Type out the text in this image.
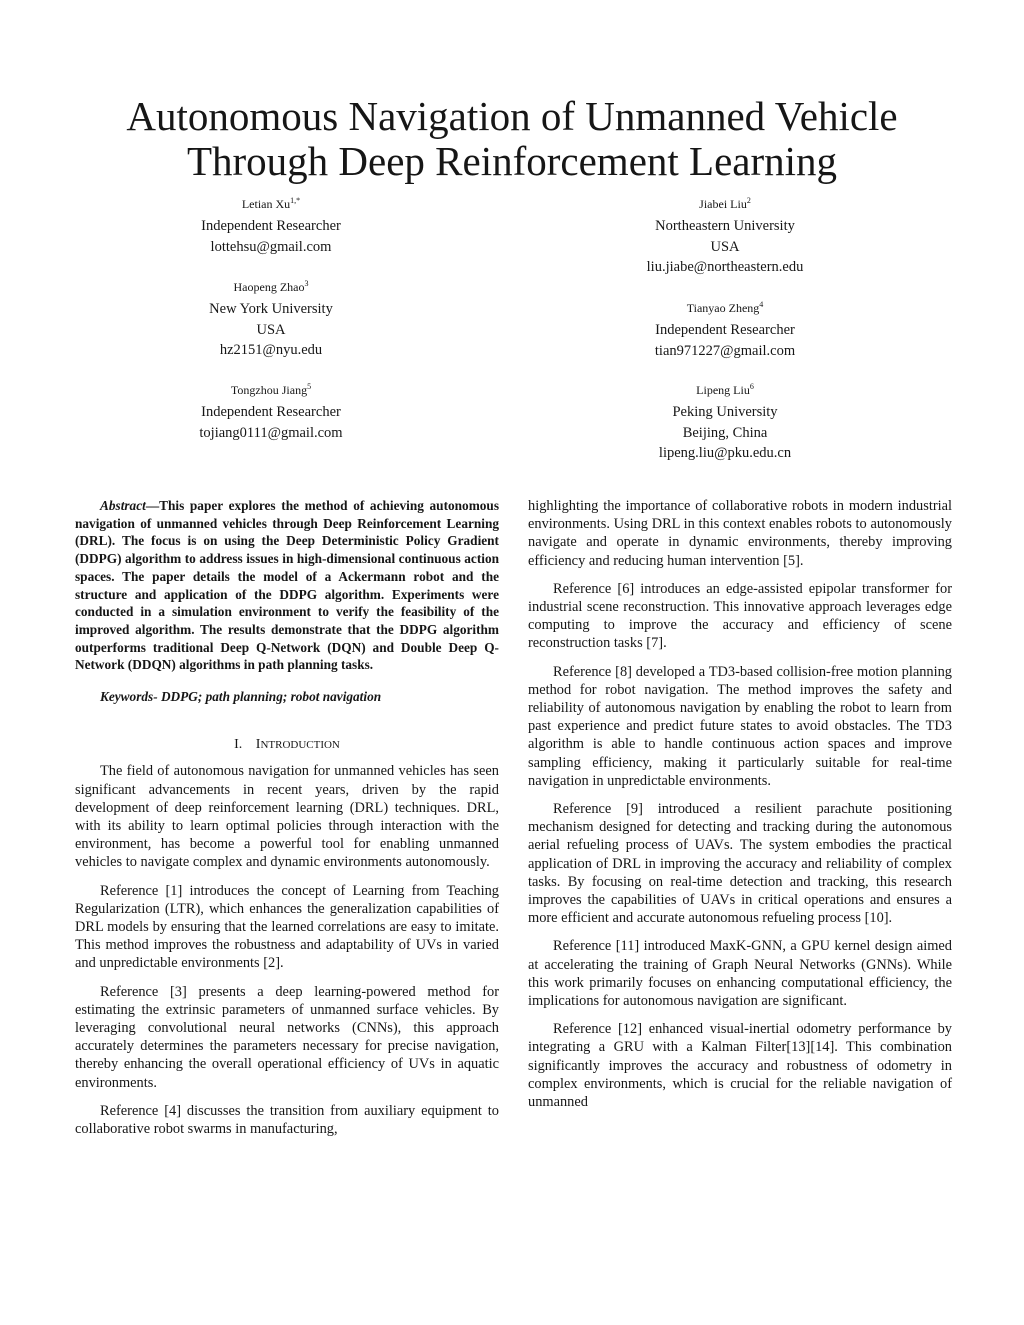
Autonomous Navigation of Unmanned Vehicle
Through Deep Reinforcement Learning
Letian $Xu^{1,*}$
Independent Researcher
lottehsu@gmail.com
Jiabei Liu$^2$
Northeastern University
USA
liu.jiabe@northeastern.edu
Haopeng Zhao$^3$
New York University
USA
hz2151@nyu.edu
Tianyao Zheng$^4$
Independent Researcher
tian971227@gmail.com
Tongzhou Jiang$^5$
Independent Researcher
tojiang0111@gmail.com
Lipeng Liu$^6$
Peking University
Beijing, China
lipeng.liu@pku.edu.cn

Abstract—This paper explores the method of achieving autonomous navigation of unmanned vehicles through Deep Reinforcement Learning (DRL). The focus is on using the Deep Deterministic Policy Gradient (DDPG) algorithm to address issues in high-dimensional continuous action spaces. The paper details the model of a Ackermann robot and the structure and application of the DDPG algorithm. Experiments were conducted in a simulation environment to verify the feasibility of the improved algorithm. The results demonstrate that the DDPG algorithm outperforms traditional Deep Q-Network (DQN) and Double Deep Q-Network (DDQN) algorithms in path planning tasks.

Keywords- DDPG; path planning; robot navigation

I. INTRODUCTION

The field of autonomous navigation for unmanned vehicles has seen significant advancements in recent years, driven by the rapid development of deep reinforcement learning (DRL) techniques. DRL, with its ability to learn optimal policies through interaction with the environment, has become a powerful tool for enabling unmanned vehicles to navigate complex and dynamic environments autonomously.

Reference [1] introduces the concept of Learning from Teaching Regularization (LTR), which enhances the generalization capabilities of DRL models by ensuring that the learned correlations are easy to imitate. This method improves the robustness and adaptability of UVs in varied and unpredictable environments [2].

Reference [3] presents a deep learning-powered method for estimating the extrinsic parameters of unmanned surface vehicles. By leveraging convolutional neural networks (CNNs), this approach accurately determines the parameters necessary for precise navigation, thereby enhancing the overall operational efficiency of UVs in aquatic environments.

Reference [4] discusses the transition from auxiliary equipment to collaborative robot swarms in manufacturing,

highlighting the importance of collaborative robots in modern industrial environments. Using DRL in this context enables robots to autonomously navigate and operate in dynamic environments, thereby improving efficiency and reducing human intervention [5].

Reference [6] introduces an edge-assisted epipolar transformer for industrial scene reconstruction. This innovative approach leverages edge computing to improve the accuracy and efficiency of scene reconstruction tasks [7].

Reference [8] developed a TD3-based collision-free motion planning method for robot navigation. The method improves the safety and reliability of autonomous navigation by enabling the robot to learn from past experience and predict future states to avoid obstacles. The TD3 algorithm is able to handle continuous action spaces and improve sampling efficiency, making it particularly suitable for real-time navigation in unpredictable environments.

Reference [9] introduced a resilient parachute positioning mechanism designed for detecting and tracking during the autonomous aerial refueling process of UAVs. The system embodies the practical application of DRL in improving the accuracy and reliability of complex tasks. By focusing on real-time detection and tracking, this research improves the capabilities of UAVs in critical operations and ensures a more efficient and accurate autonomous refueling process [10].

Reference [11] introduced MaxK-GNN, a GPU kernel design aimed at accelerating the training of Graph Neural Networks (GNNs). While this work primarily focuses on enhancing computational efficiency, the implications for autonomous navigation are significant.

Reference [12] enhanced visual-inertial odometry performance by integrating a GRU with a Kalman Filter[13][14]. This combination significantly improves the accuracy and robustness of odometry in complex environments, which is crucial for the reliable navigation of unmanned
